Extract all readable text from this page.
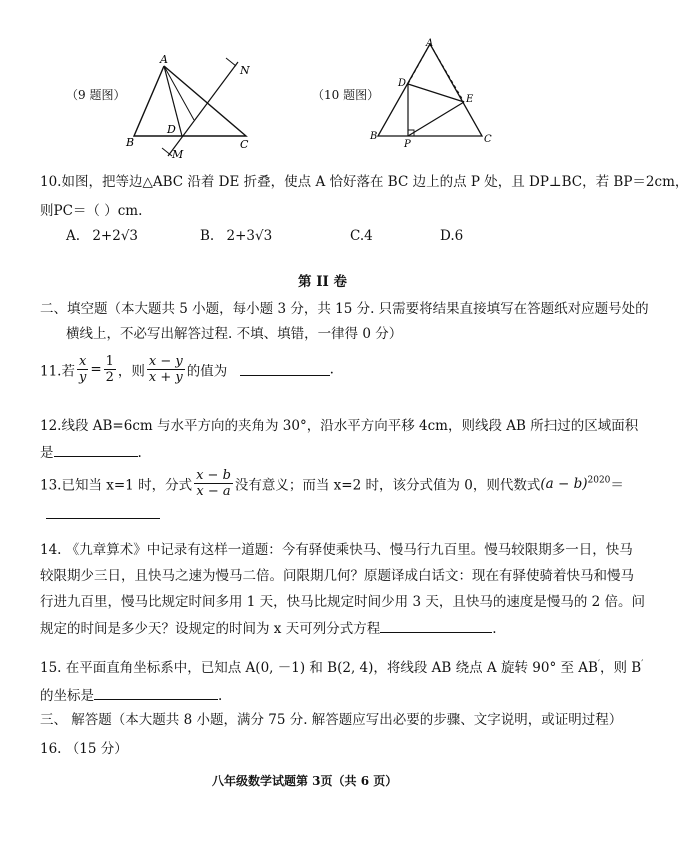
A
B	C
D
M
N
（9 题图）
A
B	C
D
E
P
（10 题图）
10.如图，把等边△ABC 沿着 DE 折叠，使点 A 恰好落在 BC 边上的点 P 处，且 DP⊥BC，若 BP＝2cm，
则PC＝（ ）cm.
A. 2+2√3	B. 2+3√3	C.4	D.6
第 II 卷
二、填空题（本大题共 5 小题，每小题 3 分，共 15 分. 只需要将结果直接填写在答题纸对应题号处的
横线上，不必写出解答过程. 不填、填错，一律得 0 分）
11.若 $\frac{x}{y} = \frac{1}{2}$ ，则 $\frac{x - y}{x + y}$ 的值为	.
12.线段 AB=6cm 与水平方向的夹角为 30°，沿水平方向平移 4cm，则线段 AB 所扫过的区域面积
是	.
13.已知当 x=1 时，分式 $\frac{x - b}{x - a}$ 没有意义；而当 x=2 时，该分式值为 0，则代数式$(a - b)^{2020}=$
14. 《九章算术》中记录有这样一道题：今有驿使乘快马、慢马行九百里。慢马较限期多一日，快马
较限期少三日，且快马之速为慢马二倍。问限期几何？原题译成白话文：现在有驿使骑着快马和慢马
行进九百里，慢马比规定时间多用 1 天，快马比规定时间少用 3 天，且快马的速度是慢马的 2 倍。问
规定的时间是多少天？设规定的时间为 x 天可列分式方程	.
15. 在平面直角坐标系中，已知点 A(0, －1) 和 B(2, 4)，将线段 AB 绕点 A 旋转 90° 至 AB′，则 B′
的坐标是	.
三、 解答题（本大题共 8 小题，满分 75 分. 解答题应写出必要的步骤、文字说明，或证明过程）
16. （15 分）
八年级数学试题第 3页（共 6 页）
